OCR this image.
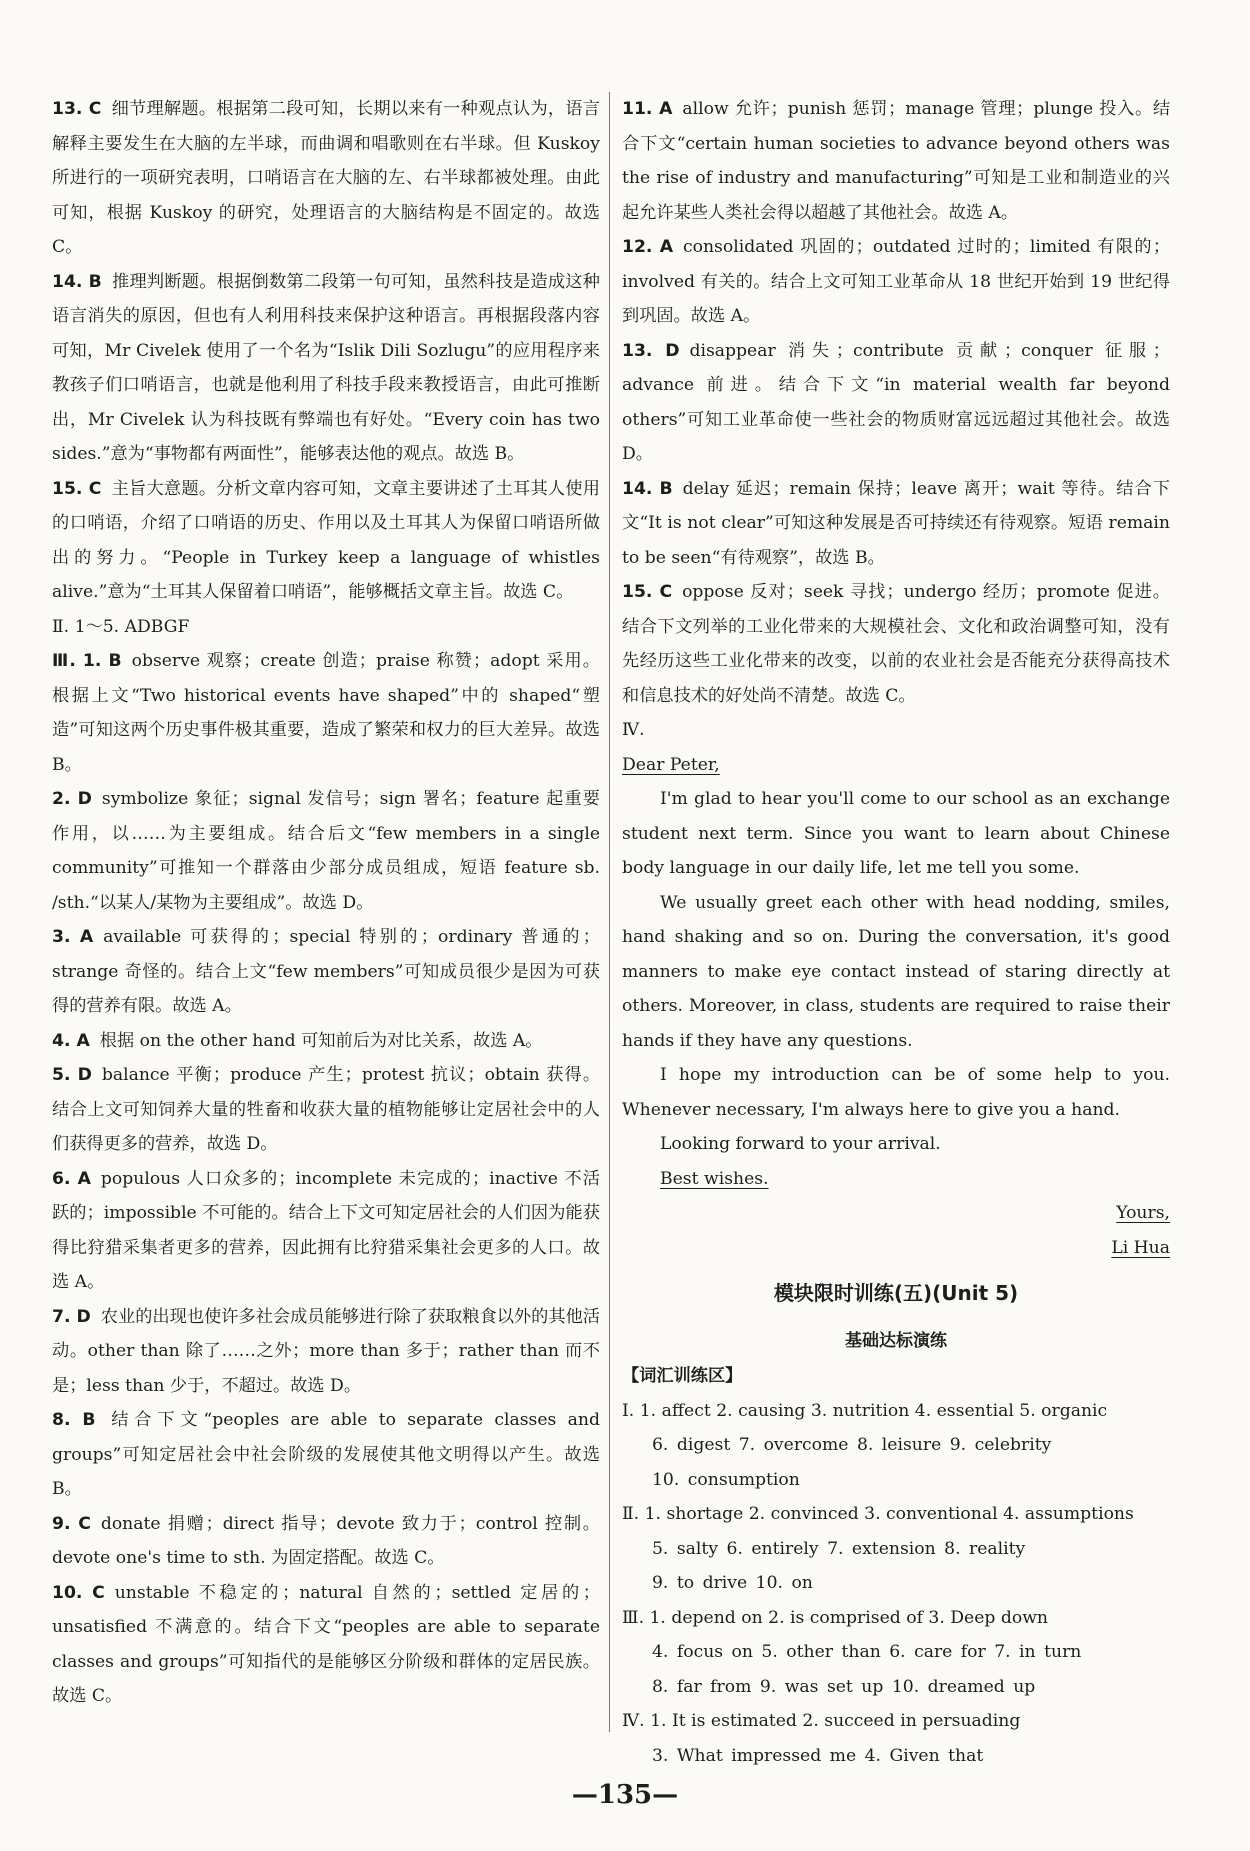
13. C 细节理解题。根据第二段可知，长期以来有一种观点认为，语言解释主要发生在大脑的左半球，而曲调和唱歌则在右半球。但 Kuskoy 所进行的一项研究表明，口哨语言在大脑的左、右半球都被处理。由此可知，根据 Kuskoy 的研究，处理语言的大脑结构是不固定的。故选 C。

14. B 推理判断题。根据倒数第二段第一句可知，虽然科技是造成这种语言消失的原因，但也有人利用科技来保护这种语言。再根据段落内容可知，Mr Civelek 使用了一个名为“Islik Dili Sozlugu”的应用程序来教孩子们口哨语言，也就是他利用了科技手段来教授语言，由此可推断出，Mr Civelek 认为科技既有弊端也有好处。“Every coin has two sides.”意为“事物都有两面性”，能够表达他的观点。故选 B。

15. C 主旨大意题。分析文章内容可知，文章主要讲述了土耳其人使用的口哨语，介绍了口哨语的历史、作用以及土耳其人为保留口哨语所做出的努力。“People in Turkey keep a language of whistles alive.”意为“土耳其人保留着口哨语”，能够概括文章主旨。故选 C。

Ⅱ. 1～5. ADBGF

Ⅲ. 1. B observe 观察；create 创造；praise 称赞；adopt 采用。根据上文“Two historical events have shaped”中的 shaped“塑造”可知这两个历史事件极其重要，造成了繁荣和权力的巨大差异。故选 B。

2. D symbolize 象征；signal 发信号；sign 署名；feature 起重要作用，以……为主要组成。结合后文“few members in a single community”可推知一个群落由少部分成员组成，短语 feature sb. /sth.“以某人/某物为主要组成”。故选 D。

3. A available 可获得的；special 特别的；ordinary 普通的；strange 奇怪的。结合上文“few members”可知成员很少是因为可获得的营养有限。故选 A。

4. A 根据 on the other hand 可知前后为对比关系，故选 A。

5. D balance 平衡；produce 产生；protest 抗议；obtain 获得。结合上文可知饲养大量的牲畜和收获大量的植物能够让定居社会中的人们获得更多的营养，故选 D。

6. A populous 人口众多的；incomplete 未完成的；inactive 不活跃的；impossible 不可能的。结合上下文可知定居社会的人们因为能获得比狩猎采集者更多的营养，因此拥有比狩猎采集社会更多的人口。故选 A。

7. D 农业的出现也使许多社会成员能够进行除了获取粮食以外的其他活动。other than 除了……之外；more than 多于；rather than 而不是；less than 少于，不超过。故选 D。

8. B 结合下文“peoples are able to separate classes and groups”可知定居社会中社会阶级的发展使其他文明得以产生。故选 B。

9. C donate 捐赠；direct 指导；devote 致力于；control 控制。devote one's time to sth. 为固定搭配。故选 C。

10. C unstable 不稳定的；natural 自然的；settled 定居的；unsatisfied 不满意的。结合下文“peoples are able to separate classes and groups”可知指代的是能够区分阶级和群体的定居民族。故选 C。

11. A allow 允许；punish 惩罚；manage 管理；plunge 投入。结合下文“certain human societies to advance beyond others was the rise of industry and manufacturing”可知是工业和制造业的兴起允许某些人类社会得以超越了其他社会。故选 A。

12. A consolidated 巩固的；outdated 过时的；limited 有限的；involved 有关的。结合上文可知工业革命从 18 世纪开始到 19 世纪得到巩固。故选 A。

13. D disappear 消失；contribute 贡献；conquer 征服；advance 前进。结合下文“in material wealth far beyond others”可知工业革命使一些社会的物质财富远远超过其他社会。故选 D。

14. B delay 延迟；remain 保持；leave 离开；wait 等待。结合下文“It is not clear”可知这种发展是否可持续还有待观察。短语 remain to be seen“有待观察”，故选 B。

15. C oppose 反对；seek 寻找；undergo 经历；promote 促进。结合下文列举的工业化带来的大规模社会、文化和政治调整可知，没有先经历这些工业化带来的改变，以前的农业社会是否能充分获得高技术和信息技术的好处尚不清楚。故选 C。

Ⅳ.

Dear Peter,

I'm glad to hear you'll come to our school as an exchange student next term. Since you want to learn about Chinese body language in our daily life, let me tell you some.

We usually greet each other with head nodding, smiles, hand shaking and so on. During the conversation, it's good manners to make eye contact instead of staring directly at others. Moreover, in class, students are required to raise their hands if they have any questions.

I hope my introduction can be of some help to you. Whenever necessary, I'm always here to give you a hand.

Looking forward to your arrival.

Best wishes.

Yours,

Li Hua

模块限时训练(五)(Unit 5)

基础达标演练

【词汇训练区】

Ⅰ. 1. affect 2. causing 3. nutrition 4. essential 5. organic

6. digest 7. overcome 8. leisure 9. celebrity

10. consumption

Ⅱ. 1. shortage 2. convinced 3. conventional 4. assumptions

5. salty 6. entirely 7. extension 8. reality

9. to drive 10. on

Ⅲ. 1. depend on 2. is comprised of 3. Deep down

4. focus on 5. other than 6. care for 7. in turn

8. far from 9. was set up 10. dreamed up

Ⅳ. 1. It is estimated 2. succeed in persuading

3. What impressed me 4. Given that

—135—
